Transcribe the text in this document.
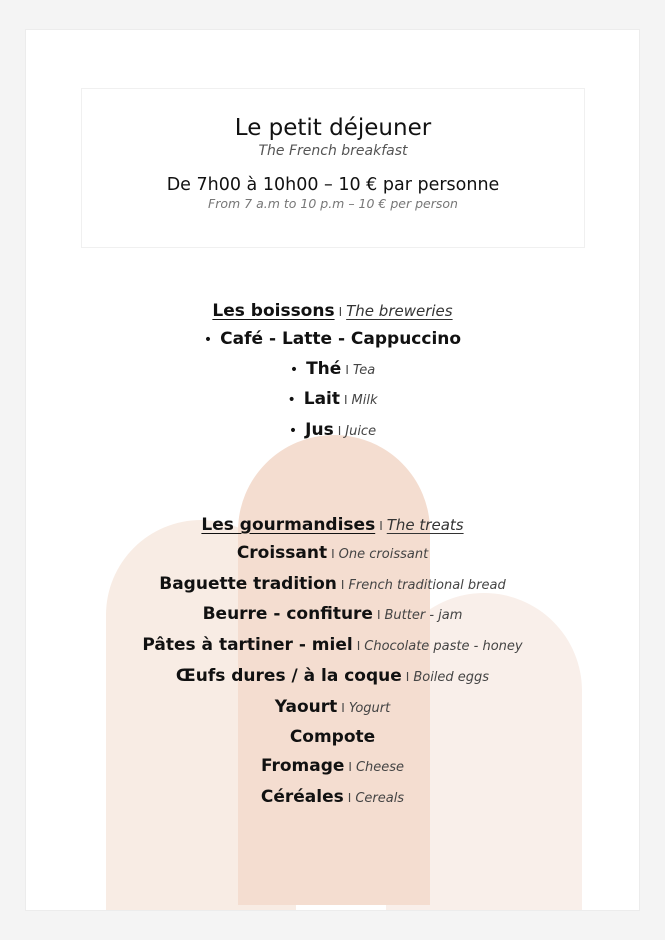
Le petit déjeuner
The French breakfast
De 7h00 à 10h00 – 10 € par personne
From 7 a.m to 10 p.m – 10 € per person
Les boissons I The breweries
• Café - Latte - Cappuccino
• Thé I Tea
• Lait I Milk
• Jus I Juice
Les gourmandises I The treats
Croissant I One croissant
Baguette tradition I French traditional bread
Beurre - confiture I Butter - jam
Pâtes à tartiner - miel I Chocolate paste - honey
Œufs dures / à la coque I Boiled eggs
Yaourt I Yogurt
Compote
Fromage I Cheese
Céréales I Cereals
